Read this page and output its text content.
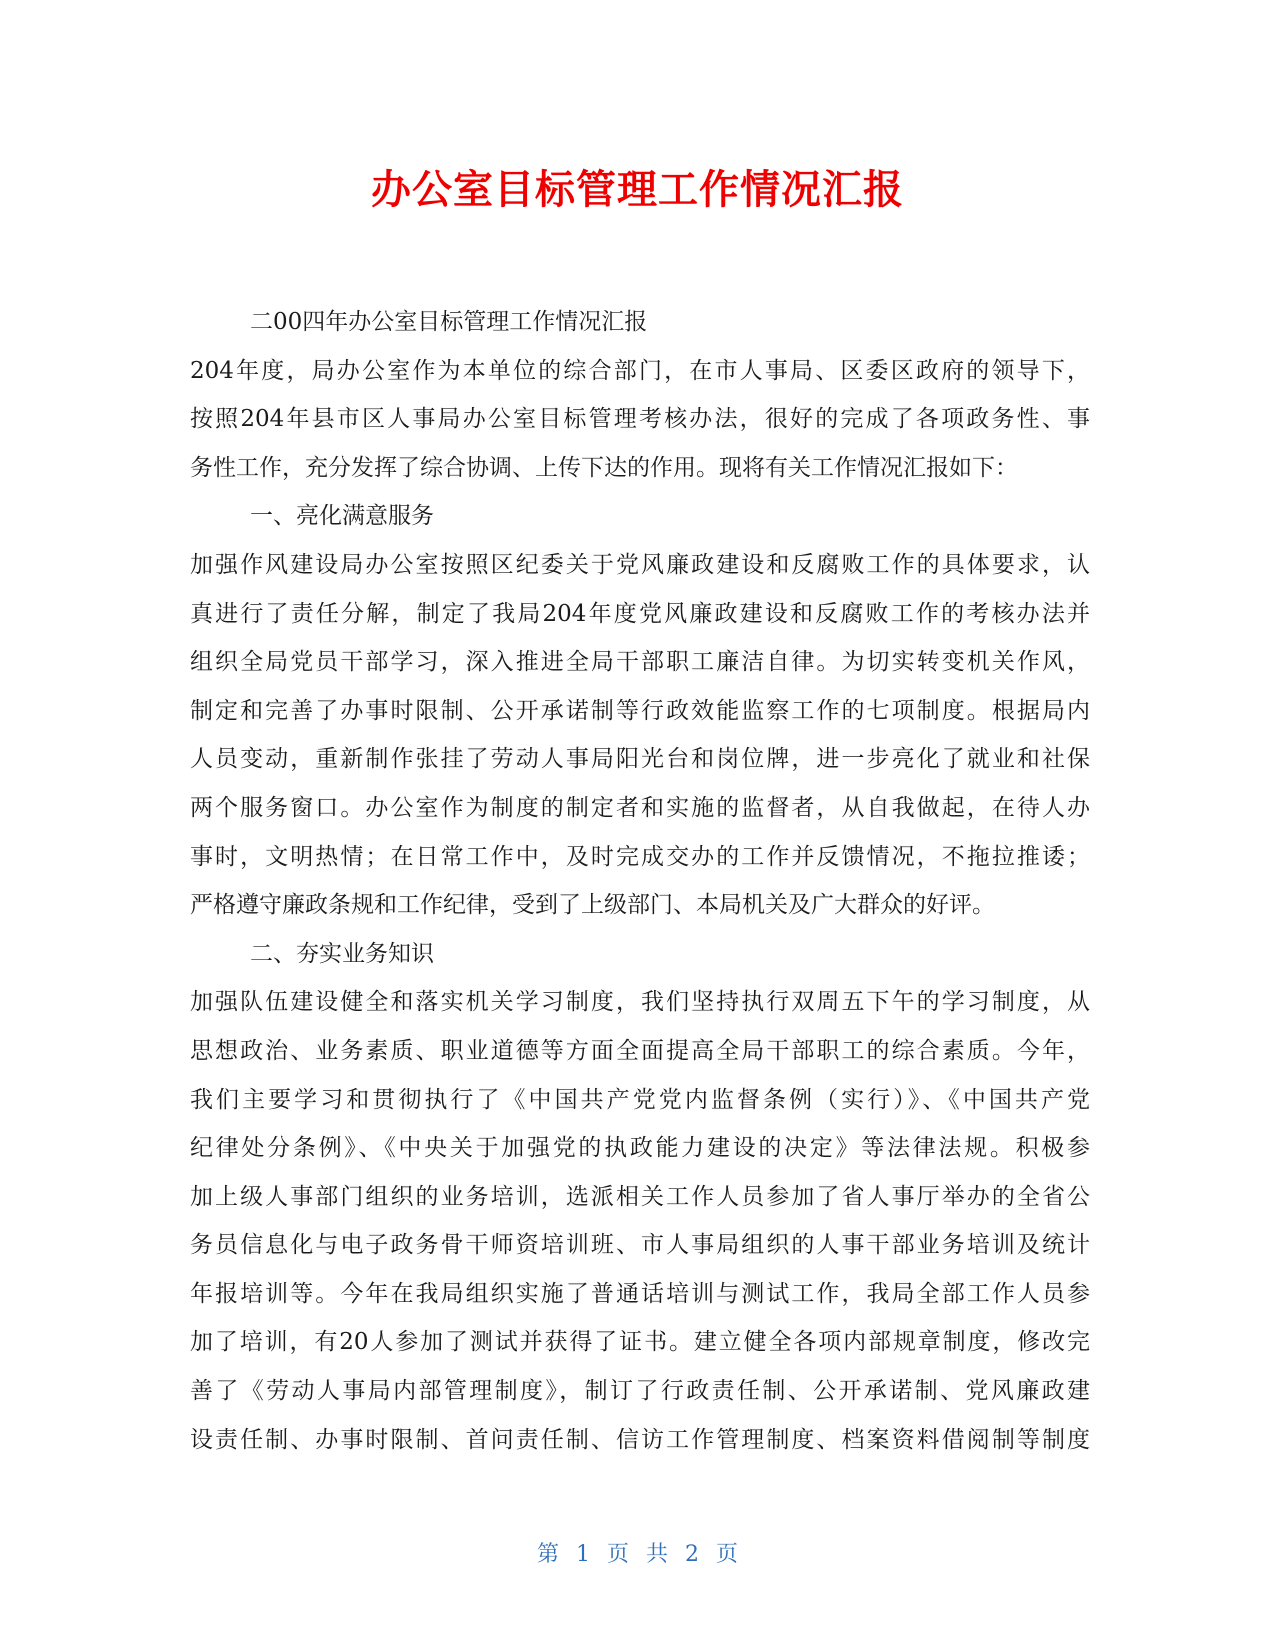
办公室目标管理工作情况汇报
二00四年办公室目标管理工作情况汇报
204年度，局办公室作为本单位的综合部门，在市人事局、区委区政府的领导下，
按照204年县市区人事局办公室目标管理考核办法，很好的完成了各项政务性、事
务性工作，充分发挥了综合协调、上传下达的作用。现将有关工作情况汇报如下：
一、亮化满意服务
加强作风建设局办公室按照区纪委关于党风廉政建设和反腐败工作的具体要求，认
真进行了责任分解，制定了我局204年度党风廉政建设和反腐败工作的考核办法并
组织全局党员干部学习，深入推进全局干部职工廉洁自律。为切实转变机关作风，
制定和完善了办事时限制、公开承诺制等行政效能监察工作的七项制度。根据局内
人员变动，重新制作张挂了劳动人事局阳光台和岗位牌，进一步亮化了就业和社保
两个服务窗口。办公室作为制度的制定者和实施的监督者，从自我做起，在待人办
事时，文明热情；在日常工作中，及时完成交办的工作并反馈情况，不拖拉推诿；
严格遵守廉政条规和工作纪律，受到了上级部门、本局机关及广大群众的好评。
二、夯实业务知识
加强队伍建设健全和落实机关学习制度，我们坚持执行双周五下午的学习制度，从
思想政治、业务素质、职业道德等方面全面提高全局干部职工的综合素质。今年，
我们主要学习和贯彻执行了《中国共产党党内监督条例（实行）》、《中国共产党
纪律处分条例》、《中央关于加强党的执政能力建设的决定》等法律法规。积极参
加上级人事部门组织的业务培训，选派相关工作人员参加了省人事厅举办的全省公
务员信息化与电子政务骨干师资培训班、市人事局组织的人事干部业务培训及统计
年报培训等。今年在我局组织实施了普通话培训与测试工作，我局全部工作人员参
加了培训，有20人参加了测试并获得了证书。建立健全各项内部规章制度，修改完
善了《劳动人事局内部管理制度》，制订了行政责任制、公开承诺制、党风廉政建
设责任制、办事时限制、首问责任制、信访工作管理制度、档案资料借阅制等制度
第 1 页 共 2 页
